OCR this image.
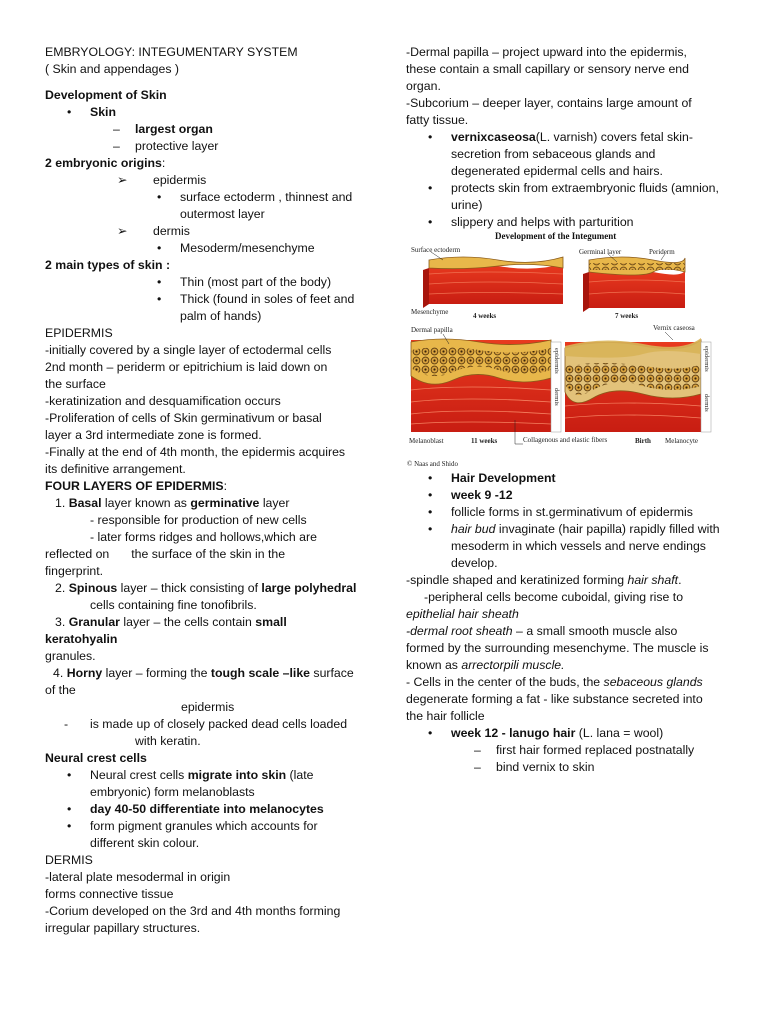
EMBRYOLOGY: INTEGUMENTARY SYSTEM
( Skin and appendages )
Development of Skin
•	Skin
–	largest organ
–	protective layer
2 embryonic origins:
➢	epidermis
•	surface ectoderm , thinnest and outermost layer
➢	dermis
•	Mesoderm/mesenchyme
2 main types of skin :
•	Thin (most part of the body)
•	Thick (found in soles of feet and palm of hands)
EPIDERMIS
-initially covered by a single layer of ectodermal cells
2nd month – periderm or epitrichium is laid down on
the surface
-keratinization and desquamification occurs
-Proliferation of cells of Skin germinativum or basal
layer a 3rd intermediate zone is formed.
-Finally at the end of 4th month, the epidermis acquires
its definitive arrangement.
FOUR LAYERS OF EPIDERMIS:
1. Basal layer known as germinative layer
- responsible for production of new cells
- later forms ridges and hollows,which are
reflected on the surface of the skin in the
fingerprint.
2. Spinous layer – thick consisting of large polyhedral
cells containing fine tonofibrils.
3. Granular layer – the cells contain small
keratohyalin
granules.
4. Horny layer – forming the tough scale –like surface
of the
epidermis
-	is made up of closely packed dead cells loaded
with keratin.
Neural crest cells
•	Neural crest cells migrate into skin (late embryonic) form melanoblasts
•	day 40-50 differentiate into melanocytes
•	form pigment granules which accounts for different skin colour.
DERMIS
-lateral plate mesodermal in origin
forms connective tissue
-Corium developed on the 3rd and 4th months forming
irregular papillary structures.
-Dermal papilla – project upward into the epidermis,
these contain a small capillary or sensory nerve end
organ.
-Subcorium – deeper layer, contains large amount of
fatty tissue.
•	vernixcaseosa(L. varnish) covers fetal skin- secretion from sebaceous glands and degenerated epidermal cells and hairs.
•	protects skin from extraembryonic fluids (amnion, urine)
•	slippery and helps with parturition
Development of the Integument
Surface ectoderm
Mesenchyme	4 weeks
Germinal layer	Periderm
7 weeks
epidermis
dermis
Dermal papilla
Melanoblast	11 weeks
epidermis
dermis
Vernix caseosa
Birth Melanocyte
Collagenous and elastic fibers
© Naas and Shido
•	Hair Development
•	week 9 -12
•	follicle forms in st.germinativum of epidermis
•	hair bud invaginate (hair papilla) rapidly filled with mesoderm in which vessels and nerve endings develop.
-spindle shaped and keratinized forming hair shaft.
-peripheral cells become cuboidal, giving rise to
epithelial hair sheath
-dermal root sheath – a small smooth muscle also
formed by the surrounding mesenchyme. The muscle is
known as arrectorpili muscle.
- Cells in the center of the buds, the sebaceous glands
degenerate forming a fat - like substance secreted into
the hair follicle
•	week 12 - lanugo hair (L. lana = wool)
–	first hair formed replaced postnatally
–	bind vernix to skin
